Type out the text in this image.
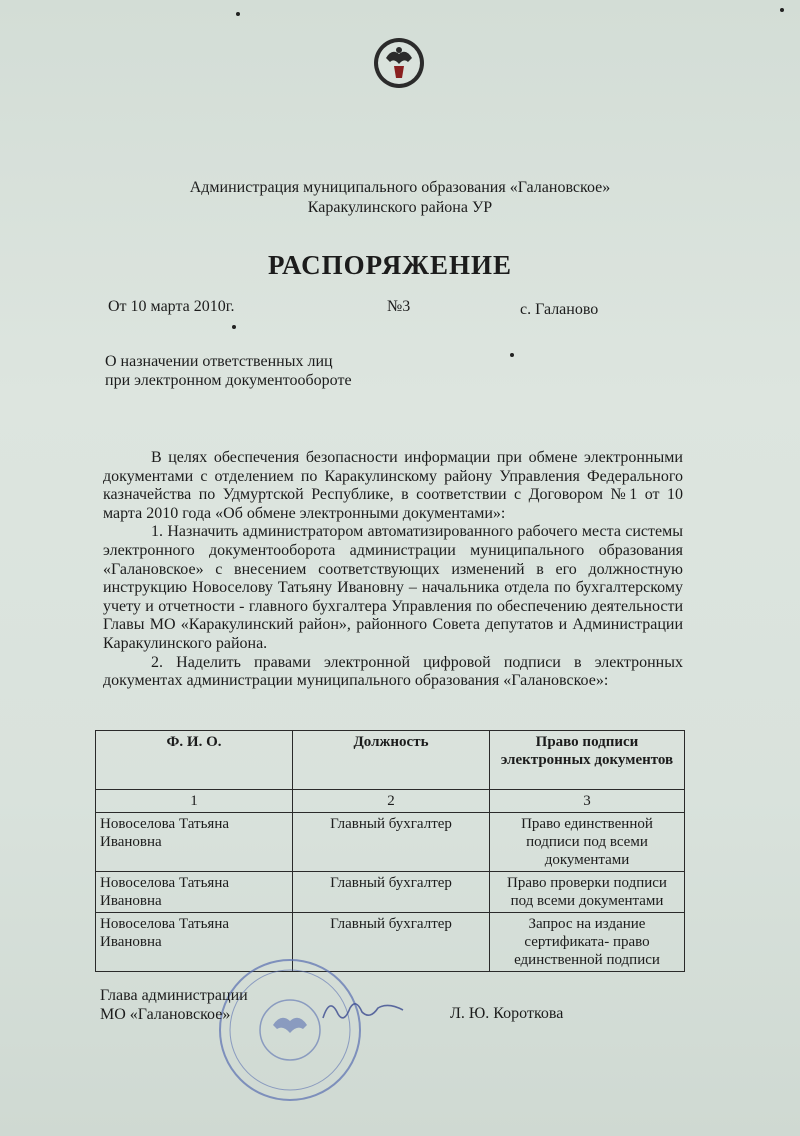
Администрация муниципального образования «Галановское»
Каракулинского района УР
РАСПОРЯЖЕНИЕ
От 10 марта 2010г.	№3	с. Галаново
О назначении ответственных лиц
при электронном документообороте

В целях обеспечения безопасности информации при обмене электронными документами с отделением по Каракулинскому району Управления Федерального казначейства по Удмуртской Республике, в соответствии с Договором №1 от 10 марта 2010 года «Об обмене электронными документами»:

1. Назначить администратором автоматизированного рабочего места системы электронного документооборота администрации муниципального образования «Галановское» с внесением соответствующих изменений в его должностную инструкцию Новоселову Татьяну Ивановну – начальника отдела по бухгалтерскому учету и отчетности - главного бухгалтера Управления по обеспечению деятельности Главы МО «Каракулинский район», районного Совета депутатов и Администрации Каракулинского района.

2. Наделить правами электронной цифровой подписи в электронных документах администрации муниципального образования «Галановское»:

Ф. И. О.	Должность	Право подписи электронных документов
1	2	3
Новоселова Татьяна Ивановна	Главный бухгалтер	Право единственной подписи под всеми документами
Новоселова Татьяна Ивановна	Главный бухгалтер	Право проверки подписи под всеми документами
Новоселова Татьяна Ивановна	Главный бухгалтер	Запрос на издание сертификата- право единственной подписи
Глава администрации
МО «Галановское»	Л. Ю. Короткова
